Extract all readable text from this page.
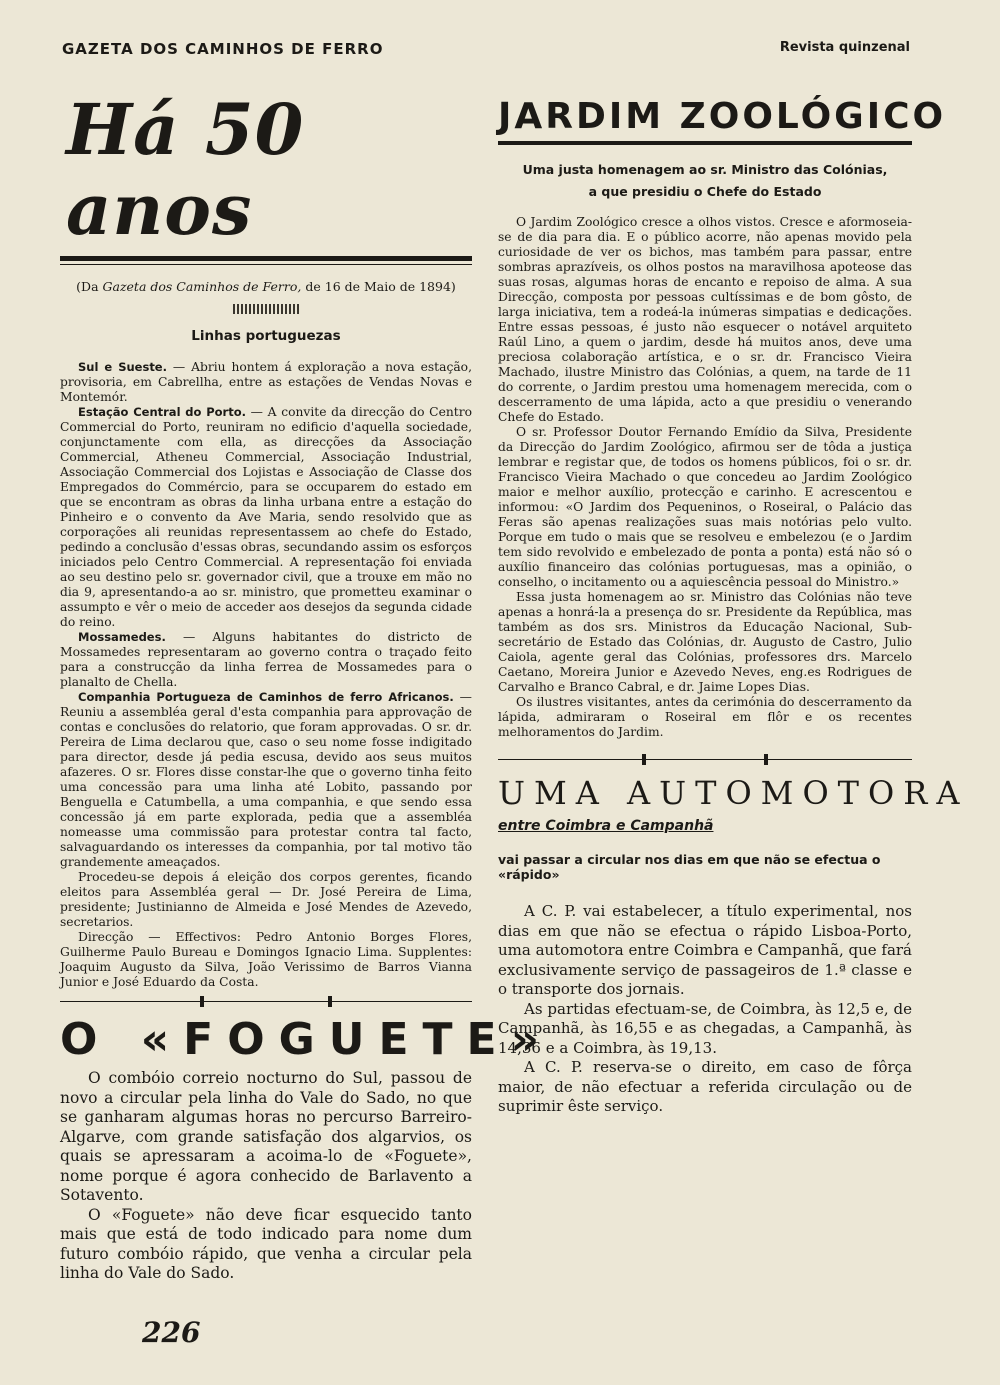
GAZETA DOS CAMINHOS DE FERRO	Revista quinzenal
Há 50 anos
(Da Gazeta dos Caminhos de Ferro, de 16 de Maio de 1894)
Linhas portuguezas

Sul e Sueste. — Abriu hontem á exploração a nova estação, provisoria, em Cabrellha, entre as estações de Vendas Novas e Montemór.

Estação Central do Porto. — A convite da direcção do Centro Commercial do Porto, reuniram no edificio d'aquella sociedade, conjunctamente com ella, as direcções da Associação Commercial, Atheneu Commercial, Associação Industrial, Associação Commercial dos Lojistas e Associação de Classe dos Empregados do Commércio, para se occuparem do estado em que se encontram as obras da linha urbana entre a estação do Pinheiro e o convento da Ave Maria, sendo resolvido que as corporações ali reunidas representassem ao chefe do Estado, pedindo a conclusão d'essas obras, secundando assim os esforços iniciados pelo Centro Commercial. A representação foi enviada ao seu destino pelo sr. governador civil, que a trouxe em mão no dia 9, apresentando-a ao sr. ministro, que prometteu examinar o assumpto e vêr o meio de acceder aos desejos da segunda cidade do reino.

Mossamedes. — Alguns habitantes do districto de Mossamedes representaram ao governo contra o traçado feito para a construcção da linha ferrea de Mossamedes para o planalto de Chella.

Companhia Portugueza de Caminhos de ferro Africanos. — Reuniu a assembléa geral d'esta companhia para approvação de contas e conclusões do relatorio, que foram approvadas. O sr. dr. Pereira de Lima declarou que, caso o seu nome fosse indigitado para director, desde já pedia escusa, devido aos seus muitos afazeres. O sr. Flores disse constar-lhe que o governo tinha feito uma concessão para uma linha até Lobito, passando por Benguella e Catumbella, a uma companhia, e que sendo essa concessão já em parte explorada, pedia que a assembléa nomeasse uma commissão para protestar contra tal facto, salvaguardando os interesses da companhia, por tal motivo tão grandemente ameaçados.

Procedeu-se depois á eleição dos corpos gerentes, ficando eleitos para Assembléa geral — Dr. José Pereira de Lima, presidente; Justinianno de Almeida e José Mendes de Azevedo, secretarios.

Direcção — Effectivos: Pedro Antonio Borges Flores, Guilherme Paulo Bureau e Domingos Ignacio Lima. Supplentes: Joaquim Augusto da Silva, João Verissimo de Barros Vianna Junior e José Eduardo da Costa.

O «FOGUETE»

O combóio correio nocturno do Sul, passou de novo a circular pela linha do Vale do Sado, no que se ganharam algumas horas no percurso Barreiro-Algarve, com grande satisfação dos algarvios, os quais se apressaram a acoima-lo de «Foguete», nome porque é agora conhecido de Barlavento a Sotavento.

O «Foguete» não deve ficar esquecido tanto mais que está de todo indicado para nome dum futuro combóio rápido, que venha a circular pela linha do Vale do Sado.

JARDIM ZOOLÓGICO
Uma justa homenagem ao sr. Ministro das Colónias,
a que presidiu o Chefe do Estado

O Jardim Zoológico cresce a olhos vistos. Cresce e aformoseia-se de dia para dia. E o público acorre, não apenas movido pela curiosidade de ver os bichos, mas também para passar, entre sombras aprazíveis, os olhos postos na maravilhosa apoteose das suas rosas, algumas horas de encanto e repoiso de alma. A sua Direcção, composta por pessoas cultíssimas e de bom gôsto, de larga iniciativa, tem a rodeá-la inúmeras simpatias e dedicações. Entre essas pessoas, é justo não esquecer o notável arquiteto Raúl Lino, a quem o jardim, desde há muitos anos, deve uma preciosa colaboração artística, e o sr. dr. Francisco Vieira Machado, ilustre Ministro das Colónias, a quem, na tarde de 11 do corrente, o Jardim prestou uma homenagem merecida, com o descerramento de uma lápida, acto a que presidiu o venerando Chefe do Estado.

O sr. Professor Doutor Fernando Emídio da Silva, Presidente da Direcção do Jardim Zoológico, afirmou ser de tôda a justiça lembrar e registar que, de todos os homens públicos, foi o sr. dr. Francisco Vieira Machado o que concedeu ao Jardim Zoológico maior e melhor auxílio, protecção e carinho. E acrescentou e informou: «O Jardim dos Pequeninos, o Roseiral, o Palácio das Feras são apenas realizações suas mais notórias pelo vulto. Porque em tudo o mais que se resolveu e embelezou (e o Jardim tem sido revolvido e embelezado de ponta a ponta) está não só o auxílio financeiro das colónias portuguesas, mas a opinião, o conselho, o incitamento ou a aquiescência pessoal do Ministro.»

Essa justa homenagem ao sr. Ministro das Colónias não teve apenas a honrá-la a presença do sr. Presidente da República, mas também as dos srs. Ministros da Educação Nacional, Sub-secretário de Estado das Colónias, dr. Augusto de Castro, Julio Caiola, agente geral das Colónias, professores drs. Marcelo Caetano, Moreira Junior e Azevedo Neves, eng.es Rodrigues de Carvalho e Branco Cabral, e dr. Jaime Lopes Dias.

Os ilustres visitantes, antes da cerimónia do descerramento da lápida, admiraram o Roseiral em flôr e os recentes melhoramentos do Jardim.

UMA AUTOMOTORA
entre Coimbra e Campanhã
vai passar a circular nos dias em que não se efectua o «rápido»

A C. P. vai estabelecer, a título experimental, nos dias em que não se efectua o rápido Lisboa-Porto, uma automotora entre Coimbra e Campanhã, que fará exclusivamente serviço de passageiros de 1.ª classe e o transporte dos jornais.

As partidas efectuam-se, de Coimbra, às 12,5 e, de Campanhã, às 16,55 e as chegadas, a Campanhã, às 14,36 e a Coimbra, às 19,13.

A C. P. reserva-se o direito, em caso de fôrça maior, de não efectuar a referida circulação ou de suprimir êste serviço.

226
